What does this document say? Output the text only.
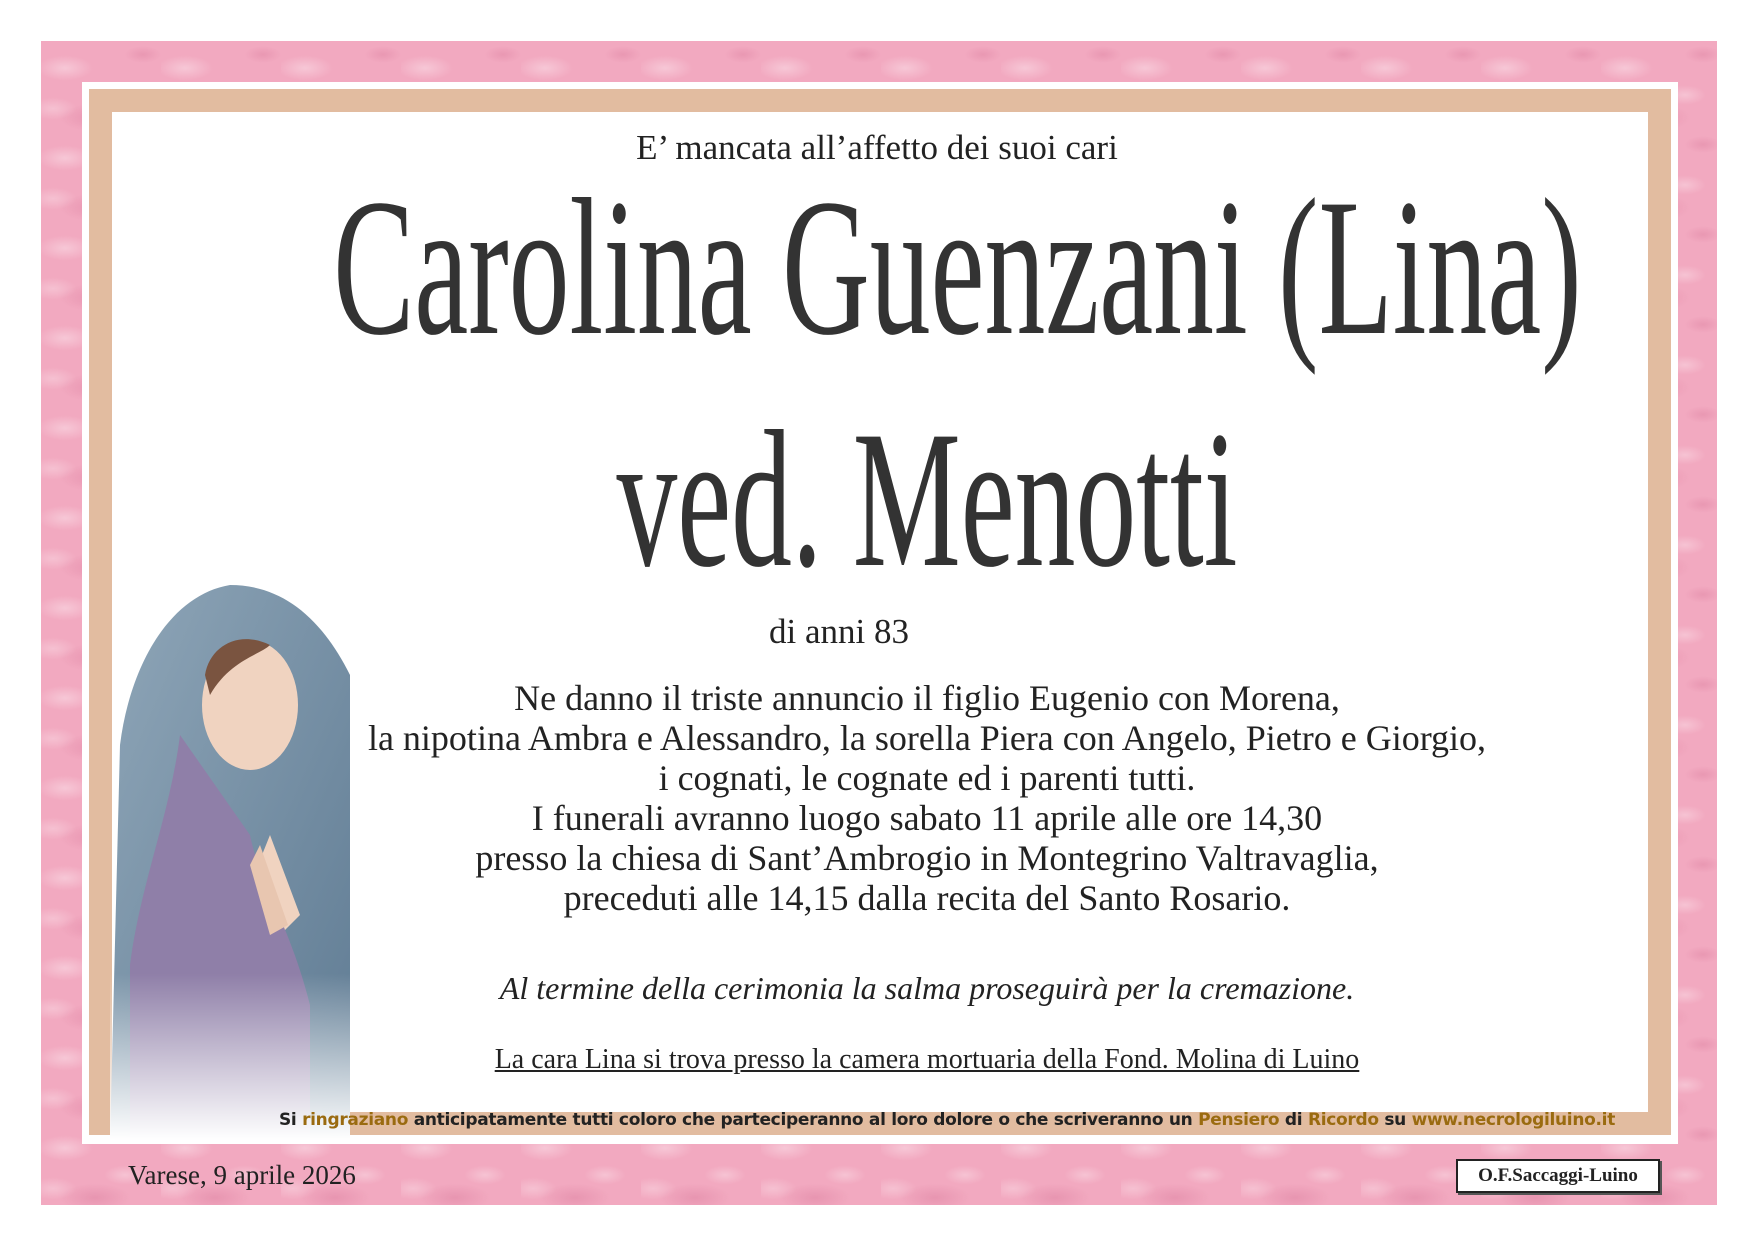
E’ mancata all’affetto dei suoi cari
Carolina Guenzani (Lina)
ved. Menotti
di anni 83
Ne danno il triste annuncio il figlio Eugenio con Morena,
la nipotina Ambra e Alessandro, la sorella Piera con Angelo, Pietro e Giorgio,
i cognati, le cognate ed i parenti tutti.
I funerali avranno luogo sabato 11 aprile alle ore 14,30
presso la chiesa di Sant’Ambrogio in Montegrino Valtravaglia,
preceduti alle 14,15 dalla recita del Santo Rosario.
Al termine della cerimonia la salma proseguirà per la cremazione.
La cara Lina si trova presso la camera mortuaria della Fond. Molina di Luino
Si ringraziano anticipatamente tutti coloro che parteciperanno al loro dolore o che scriveranno un Pensiero di Ricordo su www.necrologiluino.it
Varese, 9 aprile 2026	O.F.Saccaggi-Luino
